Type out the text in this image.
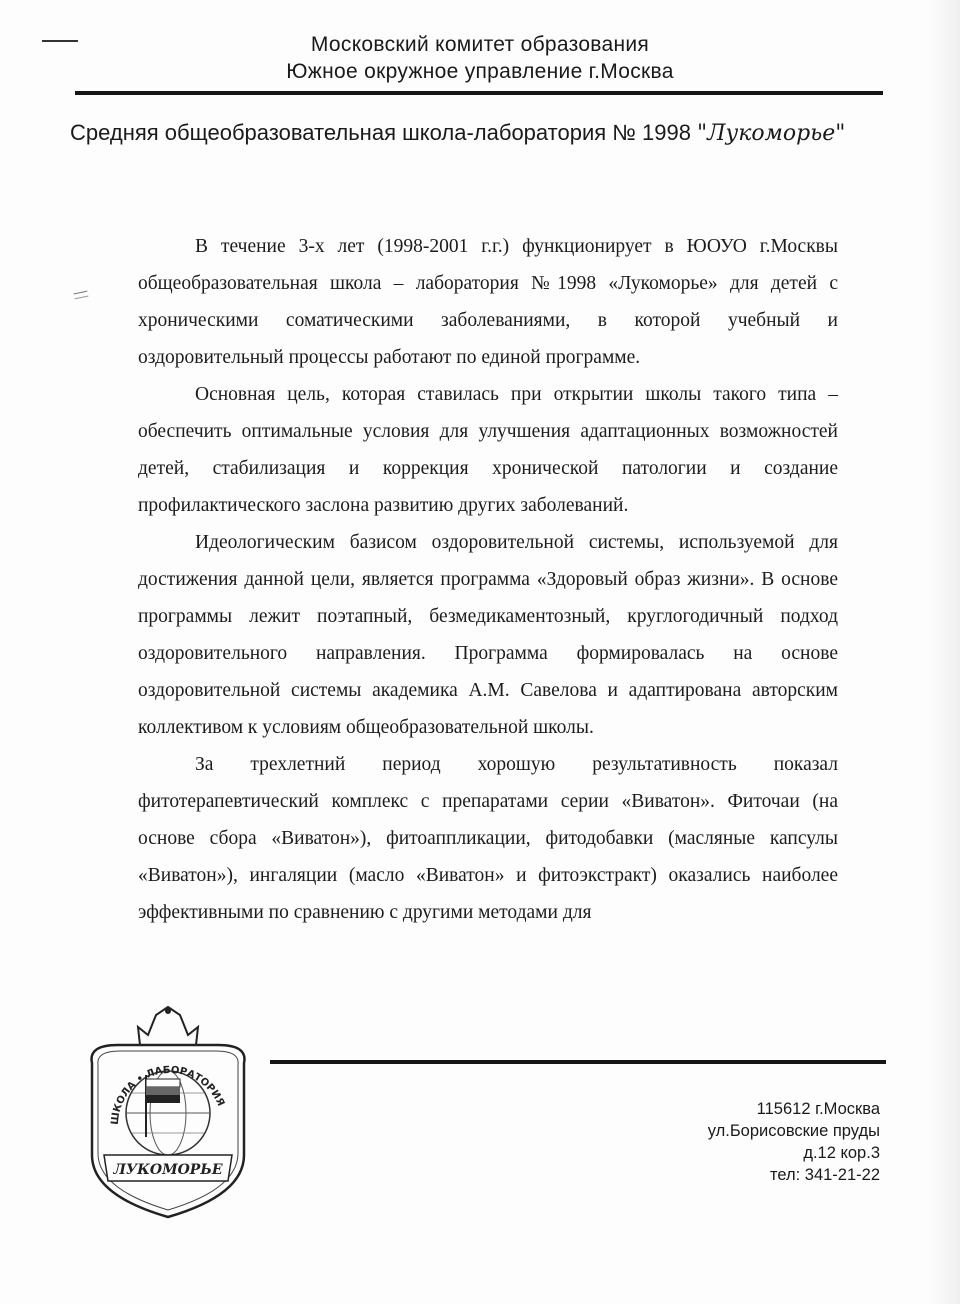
Московский комитет образования
Южное окружное управление г.Москва
Средняя общеобразовательная школа-лаборатория № 1998 "Лукоморье"

В течение 3-х лет (1998-2001 г.г.) функционирует в ЮОУО г.Москвы общеобразовательная школа – лаборатория №1998 «Лукоморье» для детей с хроническими соматическими заболеваниями, в которой учебный и оздоровительный процессы работают по единой программе.

Основная цель, которая ставилась при открытии школы такого типа – обеспечить оптимальные условия для улучшения адаптационных возможностей детей, стабилизация и коррекция хронической патологии и создание профилактического заслона развитию других заболеваний.

Идеологическим базисом оздоровительной системы, используемой для достижения данной цели, является программа «Здоровый образ жизни». В основе программы лежит поэтапный, безмедикаментозный, круглогодичный подход оздоровительного направления. Программа формировалась на основе оздоровительной системы академика А.М. Савелова и адаптирована авторским коллективом к условиям общеобразовательной школы.

За трехлетний период хорошую результативность показал фитотерапевтический комплекс с препаратами серии «Виватон». Фиточаи (на основе сбора «Виватон»), фитоаппликации, фитодобавки (масляные капсулы «Виватон»), ингаляции (масло «Виватон» и фитоэкстракт) оказались наиболее эффективными по сравнению с другими методами для

ШКОЛА • ЛАБОРАТОРИЯ
ЛУКОМОРЬЕ
115612 г.Москва
ул.Борисовские пруды
д.12 кор.3
тел: 341-21-22
